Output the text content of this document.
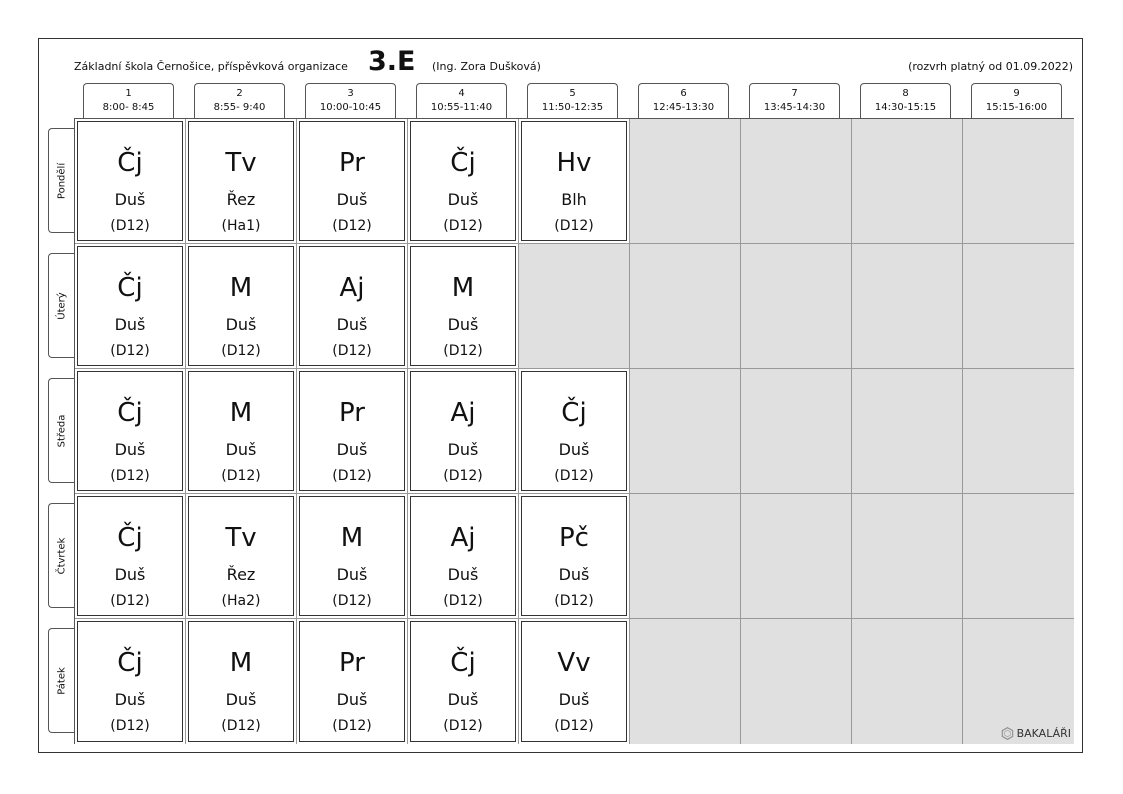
Základní škola Černošice, příspěvková organizace 3.E (Ing. Zora Dušková)	(rozvrh platný od 01.09.2022)
1
8:00- 8:45
2
8:55- 9:40
3
10:00-10:45
4
10:55-11:40
5
11:50-12:35
6
12:45-13:30
7
13:45-14:30
8
14:30-15:15
9
15:15-16:00
Pondělí
Úterý
Středa
Čtvrtek
Pátek
Čj
Duš
(D12)
Tv
Řez
(Ha1)
Pr
Duš
(D12)
Čj
Duš
(D12)
Hv
Blh
(D12)
Čj
Duš
(D12)
M
Duš
(D12)
Aj
Duš
(D12)
M
Duš
(D12)
Čj
Duš
(D12)
M
Duš
(D12)
Pr
Duš
(D12)
Aj
Duš
(D12)
Čj
Duš
(D12)
Čj
Duš
(D12)
Tv
Řez
(Ha2)
M
Duš
(D12)
Aj
Duš
(D12)
Pč
Duš
(D12)
Čj
Duš
(D12)
M
Duš
(D12)
Pr
Duš
(D12)
Čj
Duš
(D12)
Vv
Duš
(D12)	BAKALÁŘI
